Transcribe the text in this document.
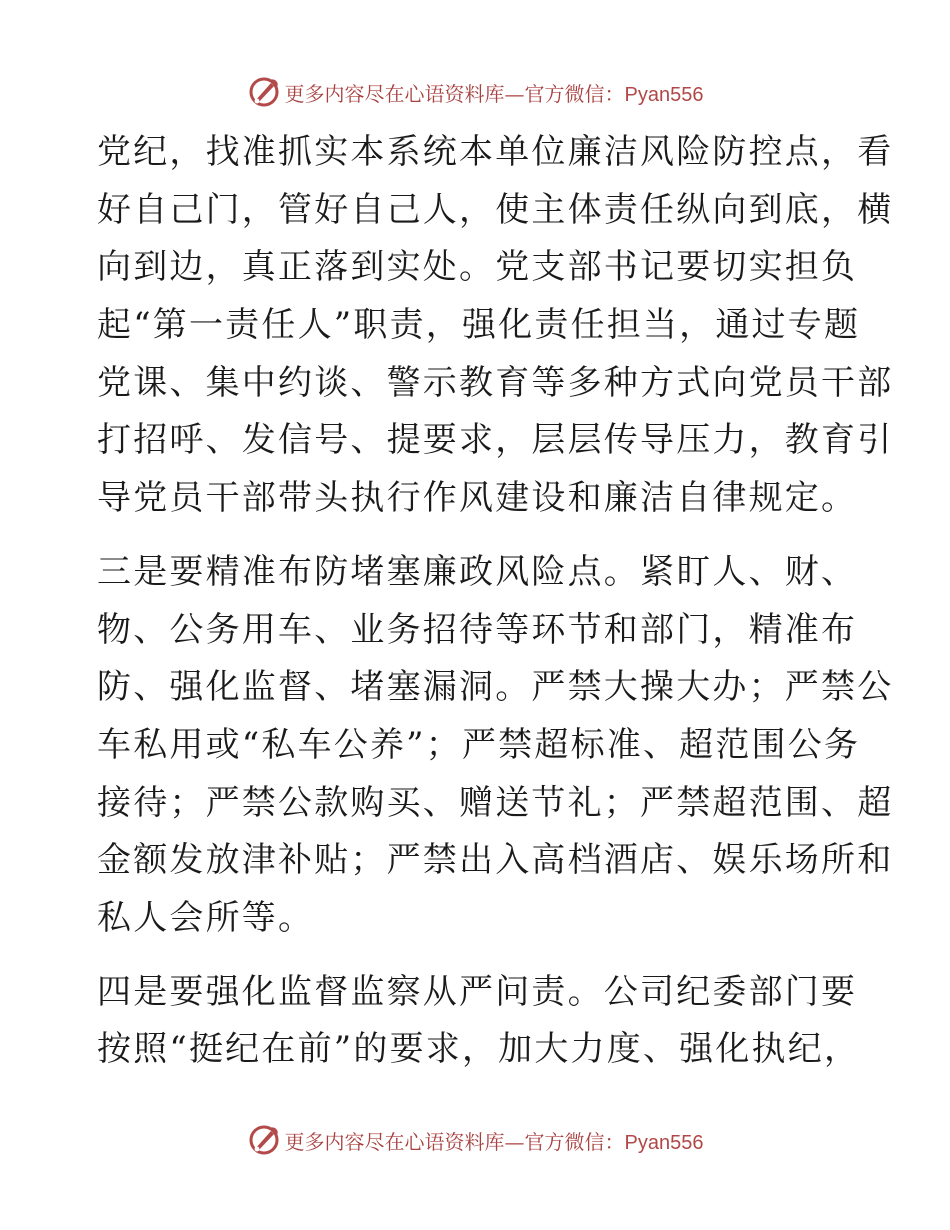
更多内容尽在心语资料库—官方微信：Pyan556

党纪，找准抓实本系统本单位廉洁风险防控点，看
好自己门，管好自己人，使主体责任纵向到底，横
向到边，真正落到实处。党支部书记要切实担负
起“第一责任人”职责，强化责任担当，通过专题
党课、集中约谈、警示教育等多种方式向党员干部
打招呼、发信号、提要求，层层传导压力，教育引
导党员干部带头执行作风建设和廉洁自律规定。

三是要精准布防堵塞廉政风险点。紧盯人、财、
物、公务用车、业务招待等环节和部门，精准布
防、强化监督、堵塞漏洞。严禁大操大办；严禁公
车私用或“私车公养”；严禁超标准、超范围公务
接待；严禁公款购买、赠送节礼；严禁超范围、超
金额发放津补贴；严禁出入高档酒店、娱乐场所和
私人会所等。

四是要强化监督监察从严问责。公司纪委部门要
按照“挺纪在前”的要求，加大力度、强化执纪，

更多内容尽在心语资料库—官方微信：Pyan556
